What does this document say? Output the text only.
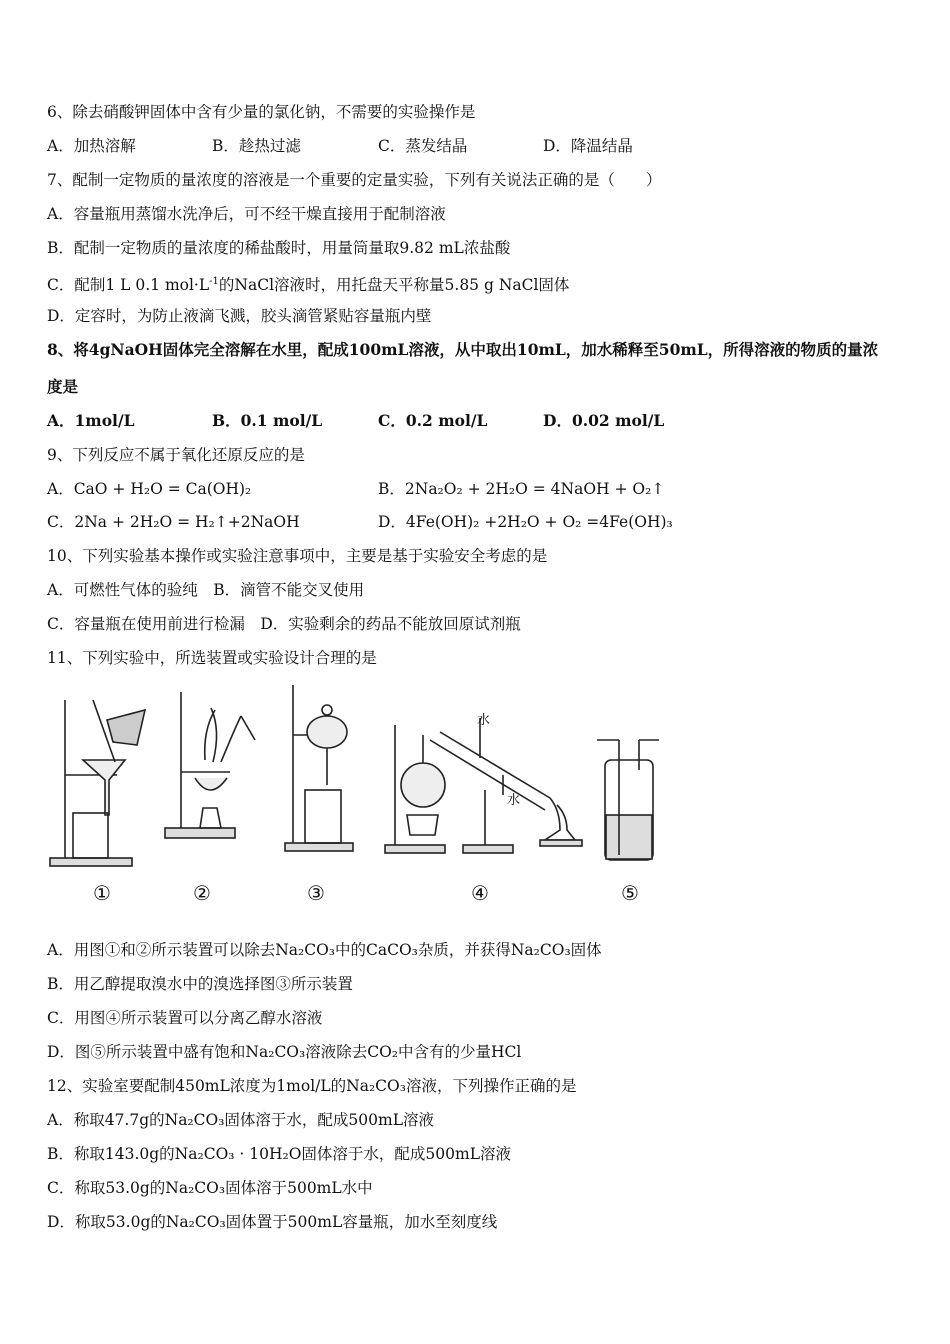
6、除去硝酸钾固体中含有少量的氯化钠，不需要的实验操作是
A．加热溶解	B．趁热过滤	C．蒸发结晶	D．降温结晶
7、配制一定物质的量浓度的溶液是一个重要的定量实验，下列有关说法正确的是（　　）
A．容量瓶用蒸馏水洗净后，可不经干燥直接用于配制溶液
B．配制一定物质的量浓度的稀盐酸时，用量筒量取9.82 mL浓盐酸
C．配制1 L 0.1 $mol\cdot L^{-1}$的NaCl溶液时，用托盘天平称量5.85 g NaCl固体
D．定容时，为防止液滴飞溅，胶头滴管紧贴容量瓶内壁
8、将4gNaOH固体完全溶解在水里，配成100mL溶液，从中取出10mL，加水稀释至50mL，所得溶液的物质的量浓
度是
A．1mol/L	B．0.1 mol/L	C．0.2 mol/L	D．0.02 mol/L
9、下列反应不属于氧化还原反应的是
A．CaO + H₂O = Ca(OH)₂	B．2Na₂O₂ + 2H₂O = 4NaOH + O₂↑
C．2Na + 2H₂O = H₂↑+2NaOH	D．4Fe(OH)₂ +2H₂O + O₂ =4Fe(OH)₃
10、下列实验基本操作或实验注意事项中，主要是基于实验安全考虑的是
A．可燃性气体的验纯　B．滴管不能交叉使用
C．容量瓶在使用前进行检漏　D．实验剩余的药品不能放回原试剂瓶
11、下列实验中，所选装置或实验设计合理的是
①	②	③	④	⑤
水
水
A．用图①和②所示装置可以除去Na₂CO₃中的CaCO₃杂质，并获得Na₂CO₃固体
B．用乙醇提取溴水中的溴选择图③所示装置
C．用图④所示装置可以分离乙醇水溶液
D．图⑤所示装置中盛有饱和Na₂CO₃溶液除去CO₂中含有的少量HCl
12、实验室要配制450mL浓度为1mol/L的Na₂CO₃溶液，下列操作正确的是
A．称取47.7g的Na₂CO₃固体溶于水，配成500mL溶液
B．称取143.0g的Na₂CO₃ · 10H₂O固体溶于水，配成500mL溶液
C．称取53.0g的Na₂CO₃固体溶于500mL水中
D．称取53.0g的Na₂CO₃固体置于500mL容量瓶，加水至刻度线
